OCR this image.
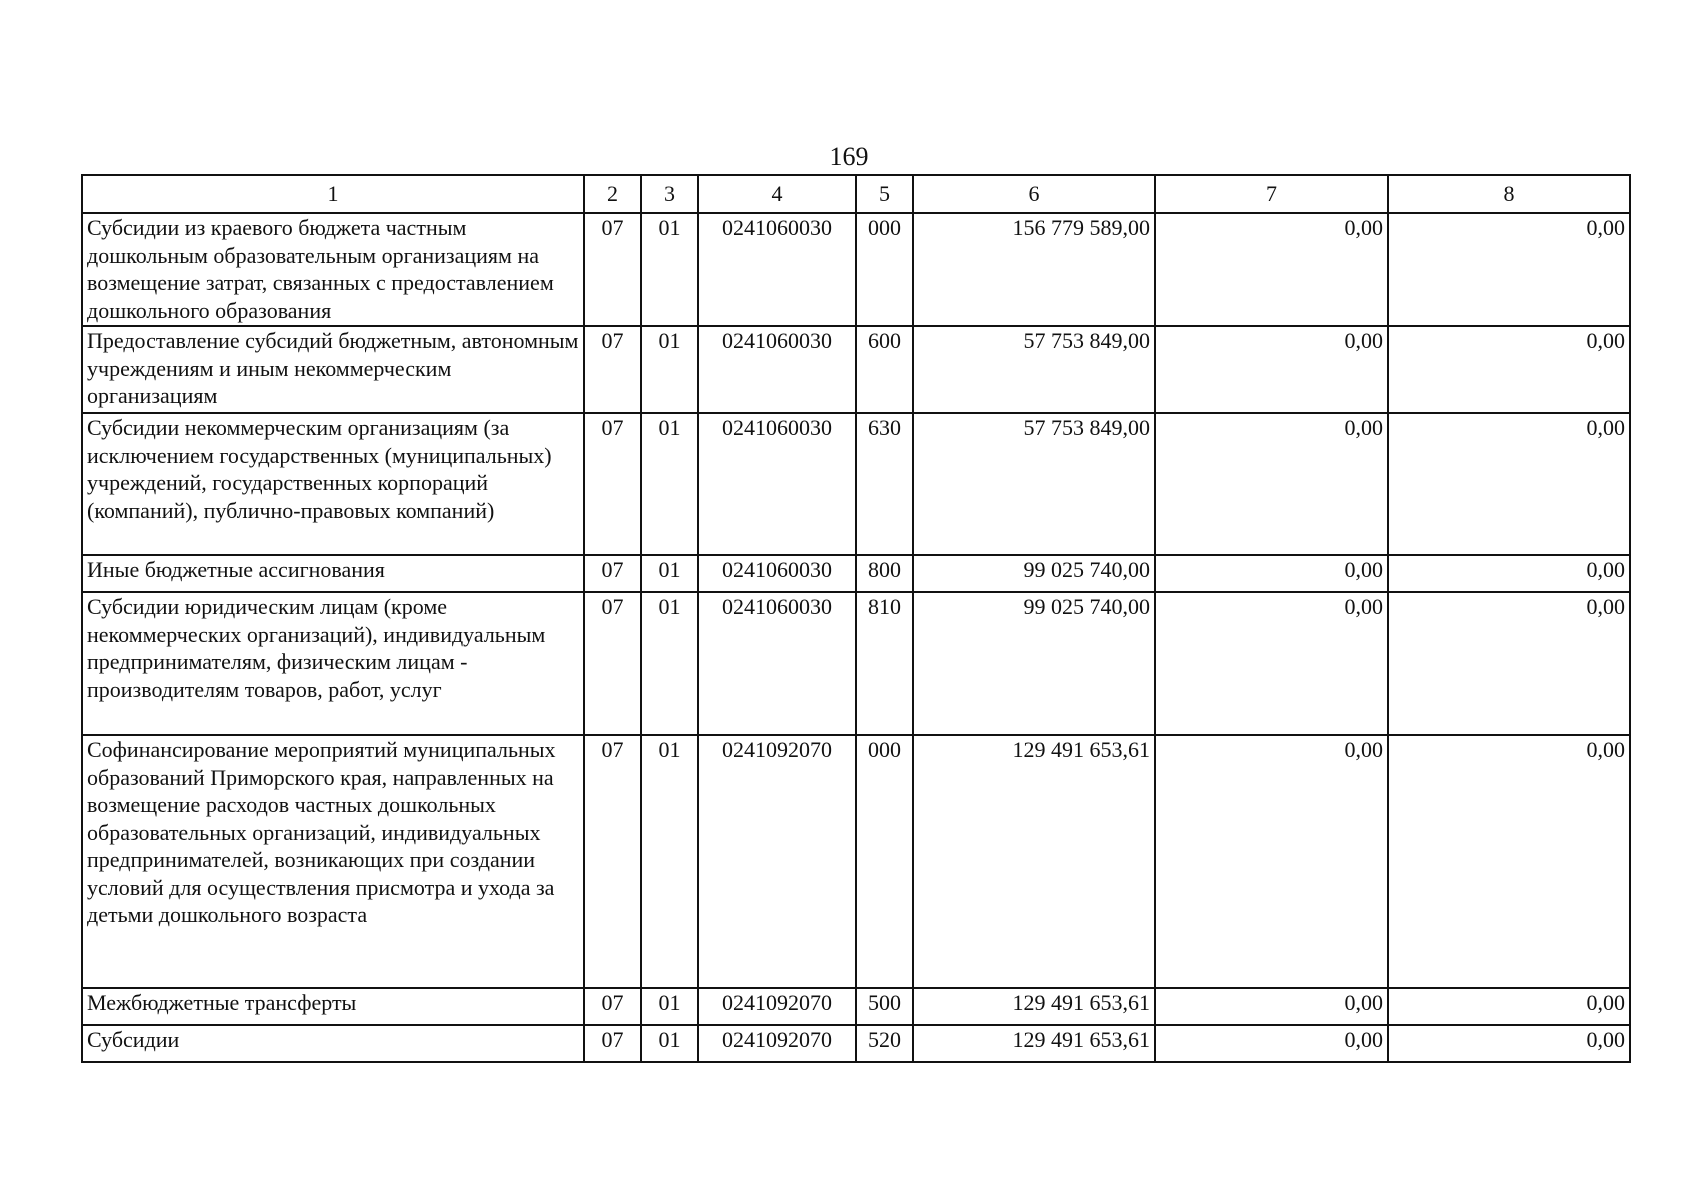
169
1	2	3	4	5	6	7	8
Субсидии из краевого бюджета частным дошкольным образовательным организациям на возмещение затрат, связанных с предоставлением дошкольного образования	07	01	0241060030	000	156 779 589,00	0,00	0,00
Предоставление субсидий бюджетным, автономным учреждениям и иным некоммерческим организациям	07	01	0241060030	600	57 753 849,00	0,00	0,00
Субсидии некоммерческим организациям (за исключением государственных (муниципальных) учреждений, государственных корпораций (компаний), публично-правовых компаний)	07	01	0241060030	630	57 753 849,00	0,00	0,00
Иные бюджетные ассигнования	07	01	0241060030	800	99 025 740,00	0,00	0,00
Субсидии юридическим лицам (кроме некоммерческих организаций), индивидуальным предпринимателям, физическим лицам - производителям товаров, работ, услуг	07	01	0241060030	810	99 025 740,00	0,00	0,00
Софинансирование мероприятий муниципальных образований Приморского края, направленных на возмещение расходов частных дошкольных образовательных организаций, индивидуальных предпринимателей, возникающих при создании условий для осуществления присмотра и ухода за детьми дошкольного возраста	07	01	0241092070	000	129 491 653,61	0,00	0,00
Межбюджетные трансферты	07	01	0241092070	500	129 491 653,61	0,00	0,00
Субсидии	07	01	0241092070	520	129 491 653,61	0,00	0,00
